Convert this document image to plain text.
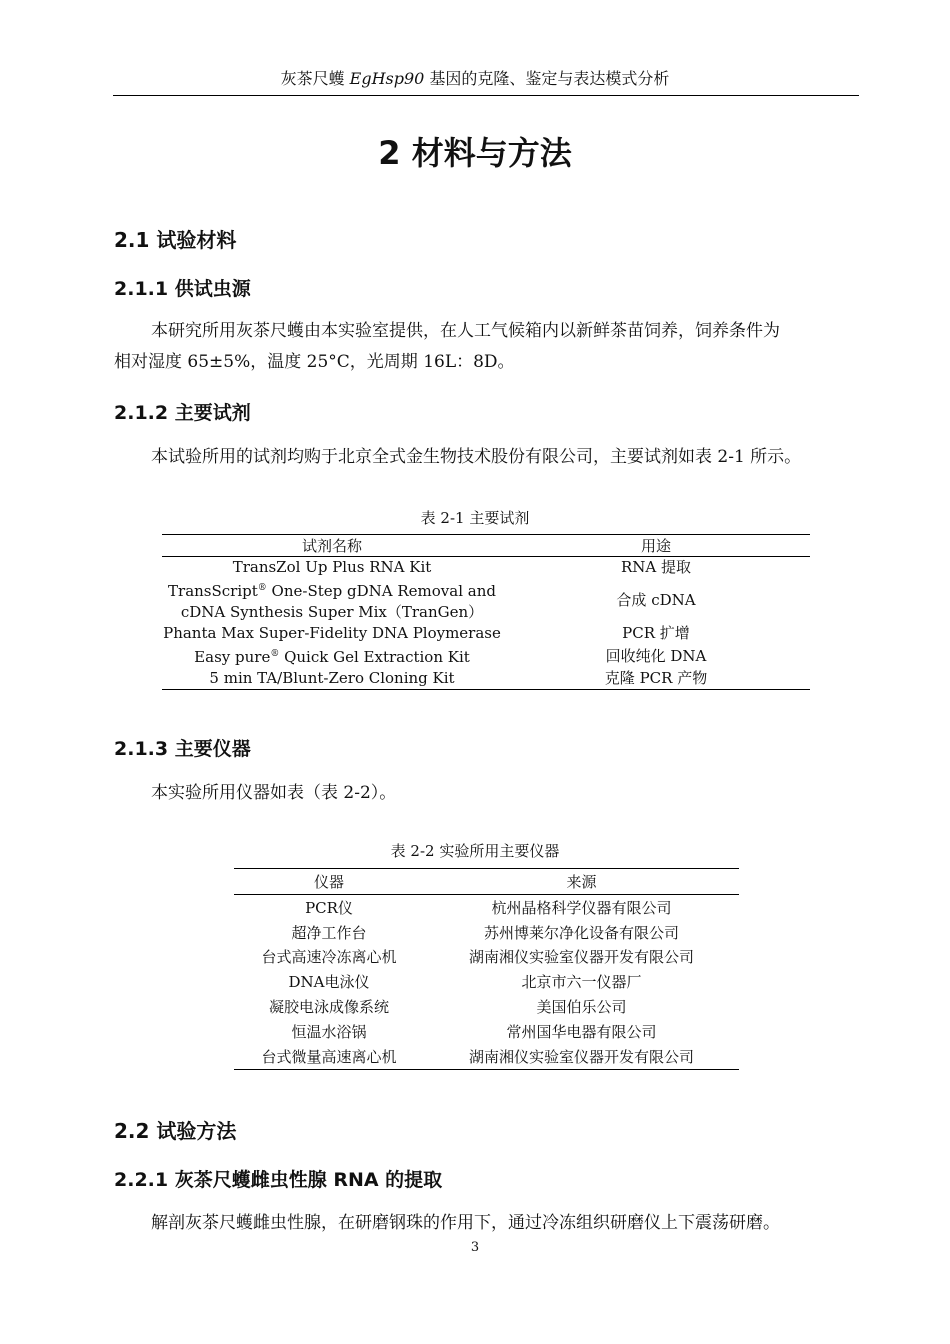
灰茶尺蠖 EgHsp90 基因的克隆、鉴定与表达模式分析
2 材料与方法
2.1 试验材料
2.1.1 供试虫源
本研究所用灰茶尺蠖由本实验室提供，在人工气候箱内以新鲜茶苗饲养，饲养条件为
相对湿度 65±5%，温度 25°C，光周期 16L：8D。
2.1.2 主要试剂
本试验所用的试剂均购于北京全式金生物技术股份有限公司，主要试剂如表 2-1 所示。
表 2-1 主要试剂
试剂名称	用途
TransZol Up Plus RNA Kit	RNA 提取
TransScript® One-Step gDNA Removal and
cDNA Synthesis Super Mix（TranGen）	合成 cDNA
Phanta Max Super-Fidelity DNA Ploymerase	PCR 扩增
Easy pure® Quick Gel Extraction Kit	回收纯化 DNA
5 min TA/Blunt-Zero Cloning Kit	克隆 PCR 产物
2.1.3 主要仪器
本实验所用仪器如表（表 2-2）。
表 2-2 实验所用主要仪器
仪器	来源
PCR仪	杭州晶格科学仪器有限公司
超净工作台	苏州博莱尔净化设备有限公司
台式高速冷冻离心机	湖南湘仪实验室仪器开发有限公司
DNA电泳仪	北京市六一仪器厂
凝胶电泳成像系统	美国伯乐公司
恒温水浴锅	常州国华电器有限公司
台式微量高速离心机	湖南湘仪实验室仪器开发有限公司
2.2 试验方法
2.2.1 灰茶尺蠖雌虫性腺 RNA 的提取
解剖灰茶尺蠖雌虫性腺，在研磨钢珠的作用下，通过冷冻组织研磨仪上下震荡研磨。
3
